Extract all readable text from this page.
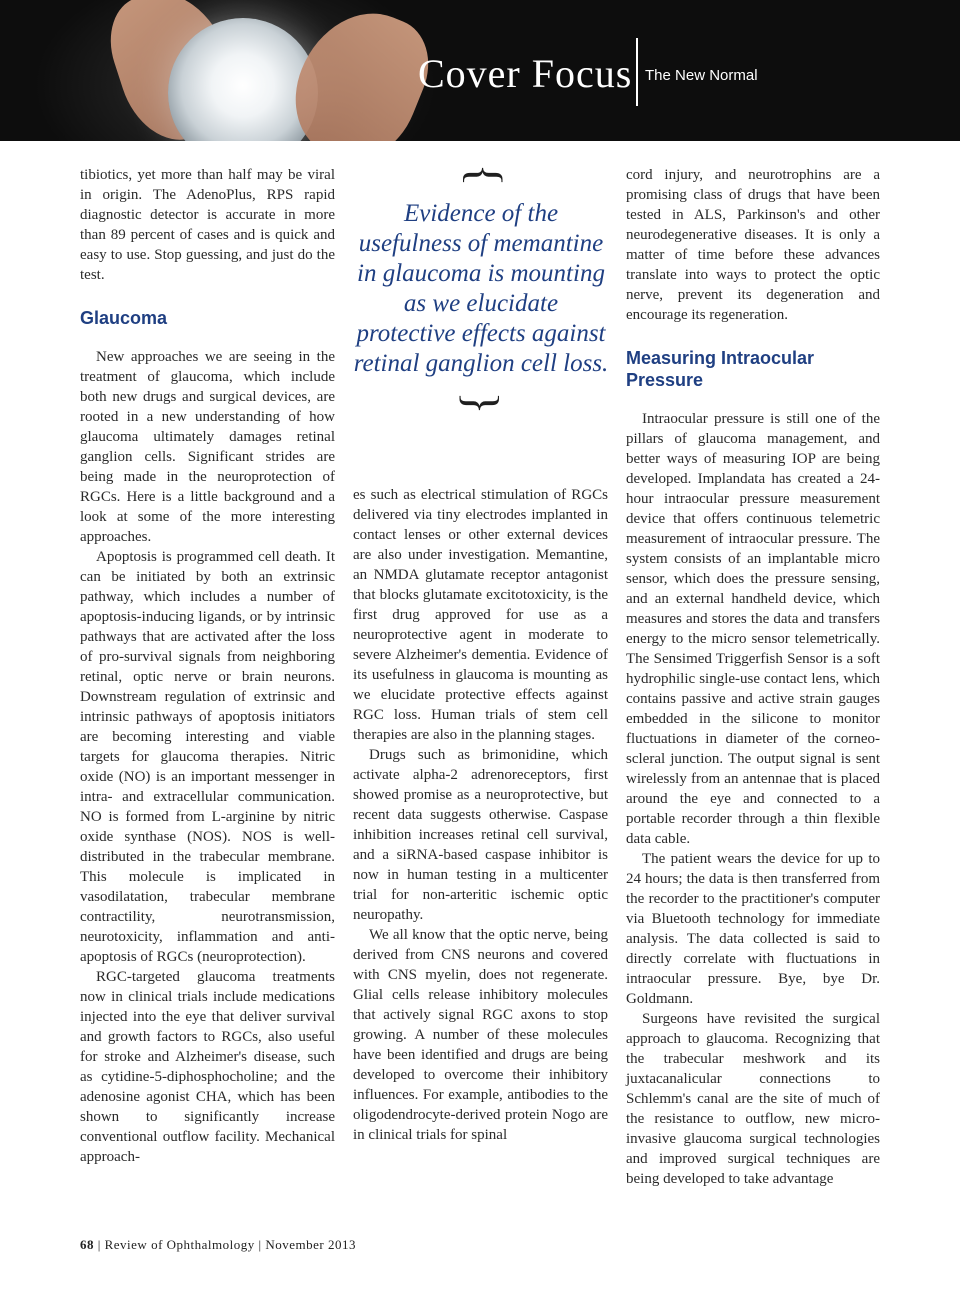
Cover Focus The New Normal

tibiotics, yet more than half may be viral in origin. The AdenoPlus, RPS rapid diagnostic detector is accurate in more than 89 percent of cases and is quick and easy to use. Stop guessing, and just do the test.

Glaucoma

New approaches we are seeing in the treatment of glaucoma, which include both new drugs and surgical devices, are rooted in a new understanding of how glaucoma ultimately damages retinal ganglion cells. Significant strides are being made in the neuroprotection of RGCs. Here is a little background and a look at some of the more interesting approaches.

Apoptosis is programmed cell death. It can be initiated by both an extrinsic pathway, which includes a number of apoptosis-inducing ligands, or by intrinsic pathways that are activated after the loss of pro-survival signals from neighboring retinal, optic nerve or brain neurons. Downstream regulation of extrinsic and intrinsic pathways of apoptosis initiators are becoming interesting and viable targets for glaucoma therapies. Nitric oxide (NO) is an important messenger in intra- and extracellular communication. NO is formed from L-arginine by nitric oxide synthase (NOS). NOS is well-distributed in the trabecular membrane. This molecule is implicated in vasodilatation, trabecular membrane contractility, neurotransmission, neurotoxicity, inflammation and anti-apoptosis of RGCs (neuroprotection).

RGC-targeted glaucoma treatments now in clinical trials include medications injected into the eye that deliver survival and growth factors to RGCs, also useful for stroke and Alzheimer's disease, such as cytidine-5-diphosphocholine; and the adenosine agonist CHA, which has been shown to significantly increase conventional outflow facility. Mechanical approach-

}
Evidence of the usefulness of memantine in glaucoma is mounting as we elucidate protective effects against retinal ganglion cell loss.
}

es such as electrical stimulation of RGCs delivered via tiny electrodes implanted in contact lenses or other external devices are also under investigation. Memantine, an NMDA glutamate receptor antagonist that blocks glutamate excitotoxicity, is the first drug approved for use as a neuroprotective agent in moderate to severe Alzheimer's dementia. Evidence of its usefulness in glaucoma is mounting as we elucidate protective effects against RGC loss. Human trials of stem cell therapies are also in the planning stages.

Drugs such as brimonidine, which activate alpha-2 adrenoreceptors, first showed promise as a neuroprotective, but recent data suggests otherwise. Caspase inhibition increases retinal cell survival, and a siRNA-based caspase inhibitor is now in human testing in a multicenter trial for non-arteritic ischemic optic neuropathy.

We all know that the optic nerve, being derived from CNS neurons and covered with CNS myelin, does not regenerate. Glial cells release inhibitory molecules that actively signal RGC axons to stop growing. A number of these molecules have been identified and drugs are being developed to overcome their inhibitory influences. For example, antibodies to the oligodendrocyte-derived protein Nogo are in clinical trials for spinal

cord injury, and neurotrophins are a promising class of drugs that have been tested in ALS, Parkinson's and other neurodegenerative diseases. It is only a matter of time before these advances translate into ways to protect the optic nerve, prevent its degeneration and encourage its regeneration.

Measuring Intraocular Pressure

Intraocular pressure is still one of the pillars of glaucoma management, and better ways of measuring IOP are being developed. Implandata has created a 24-hour intraocular pressure measurement device that offers continuous telemetric measurement of intraocular pressure. The system consists of an implantable micro sensor, which does the pressure sensing, and an external handheld device, which measures and stores the data and transfers energy to the micro sensor telemetrically. The Sensimed Triggerfish Sensor is a soft hydrophilic single-use contact lens, which contains passive and active strain gauges embedded in the silicone to monitor fluctuations in diameter of the corneo-scleral junction. The output signal is sent wirelessly from an antennae that is placed around the eye and connected to a portable recorder through a thin flexible data cable.

The patient wears the device for up to 24 hours; the data is then transferred from the recorder to the practitioner's computer via Bluetooth technology for immediate analysis. The data collected is said to directly correlate with fluctuations in intraocular pressure. Bye, bye Dr. Goldmann.

Surgeons have revisited the surgical approach to glaucoma. Recognizing that the trabecular meshwork and its juxtacanalicular connections to Schlemm's canal are the site of much of the resistance to outflow, new micro-invasive glaucoma surgical technologies and improved surgical techniques are being developed to take advantage

68 | Review of Ophthalmology | November 2013
